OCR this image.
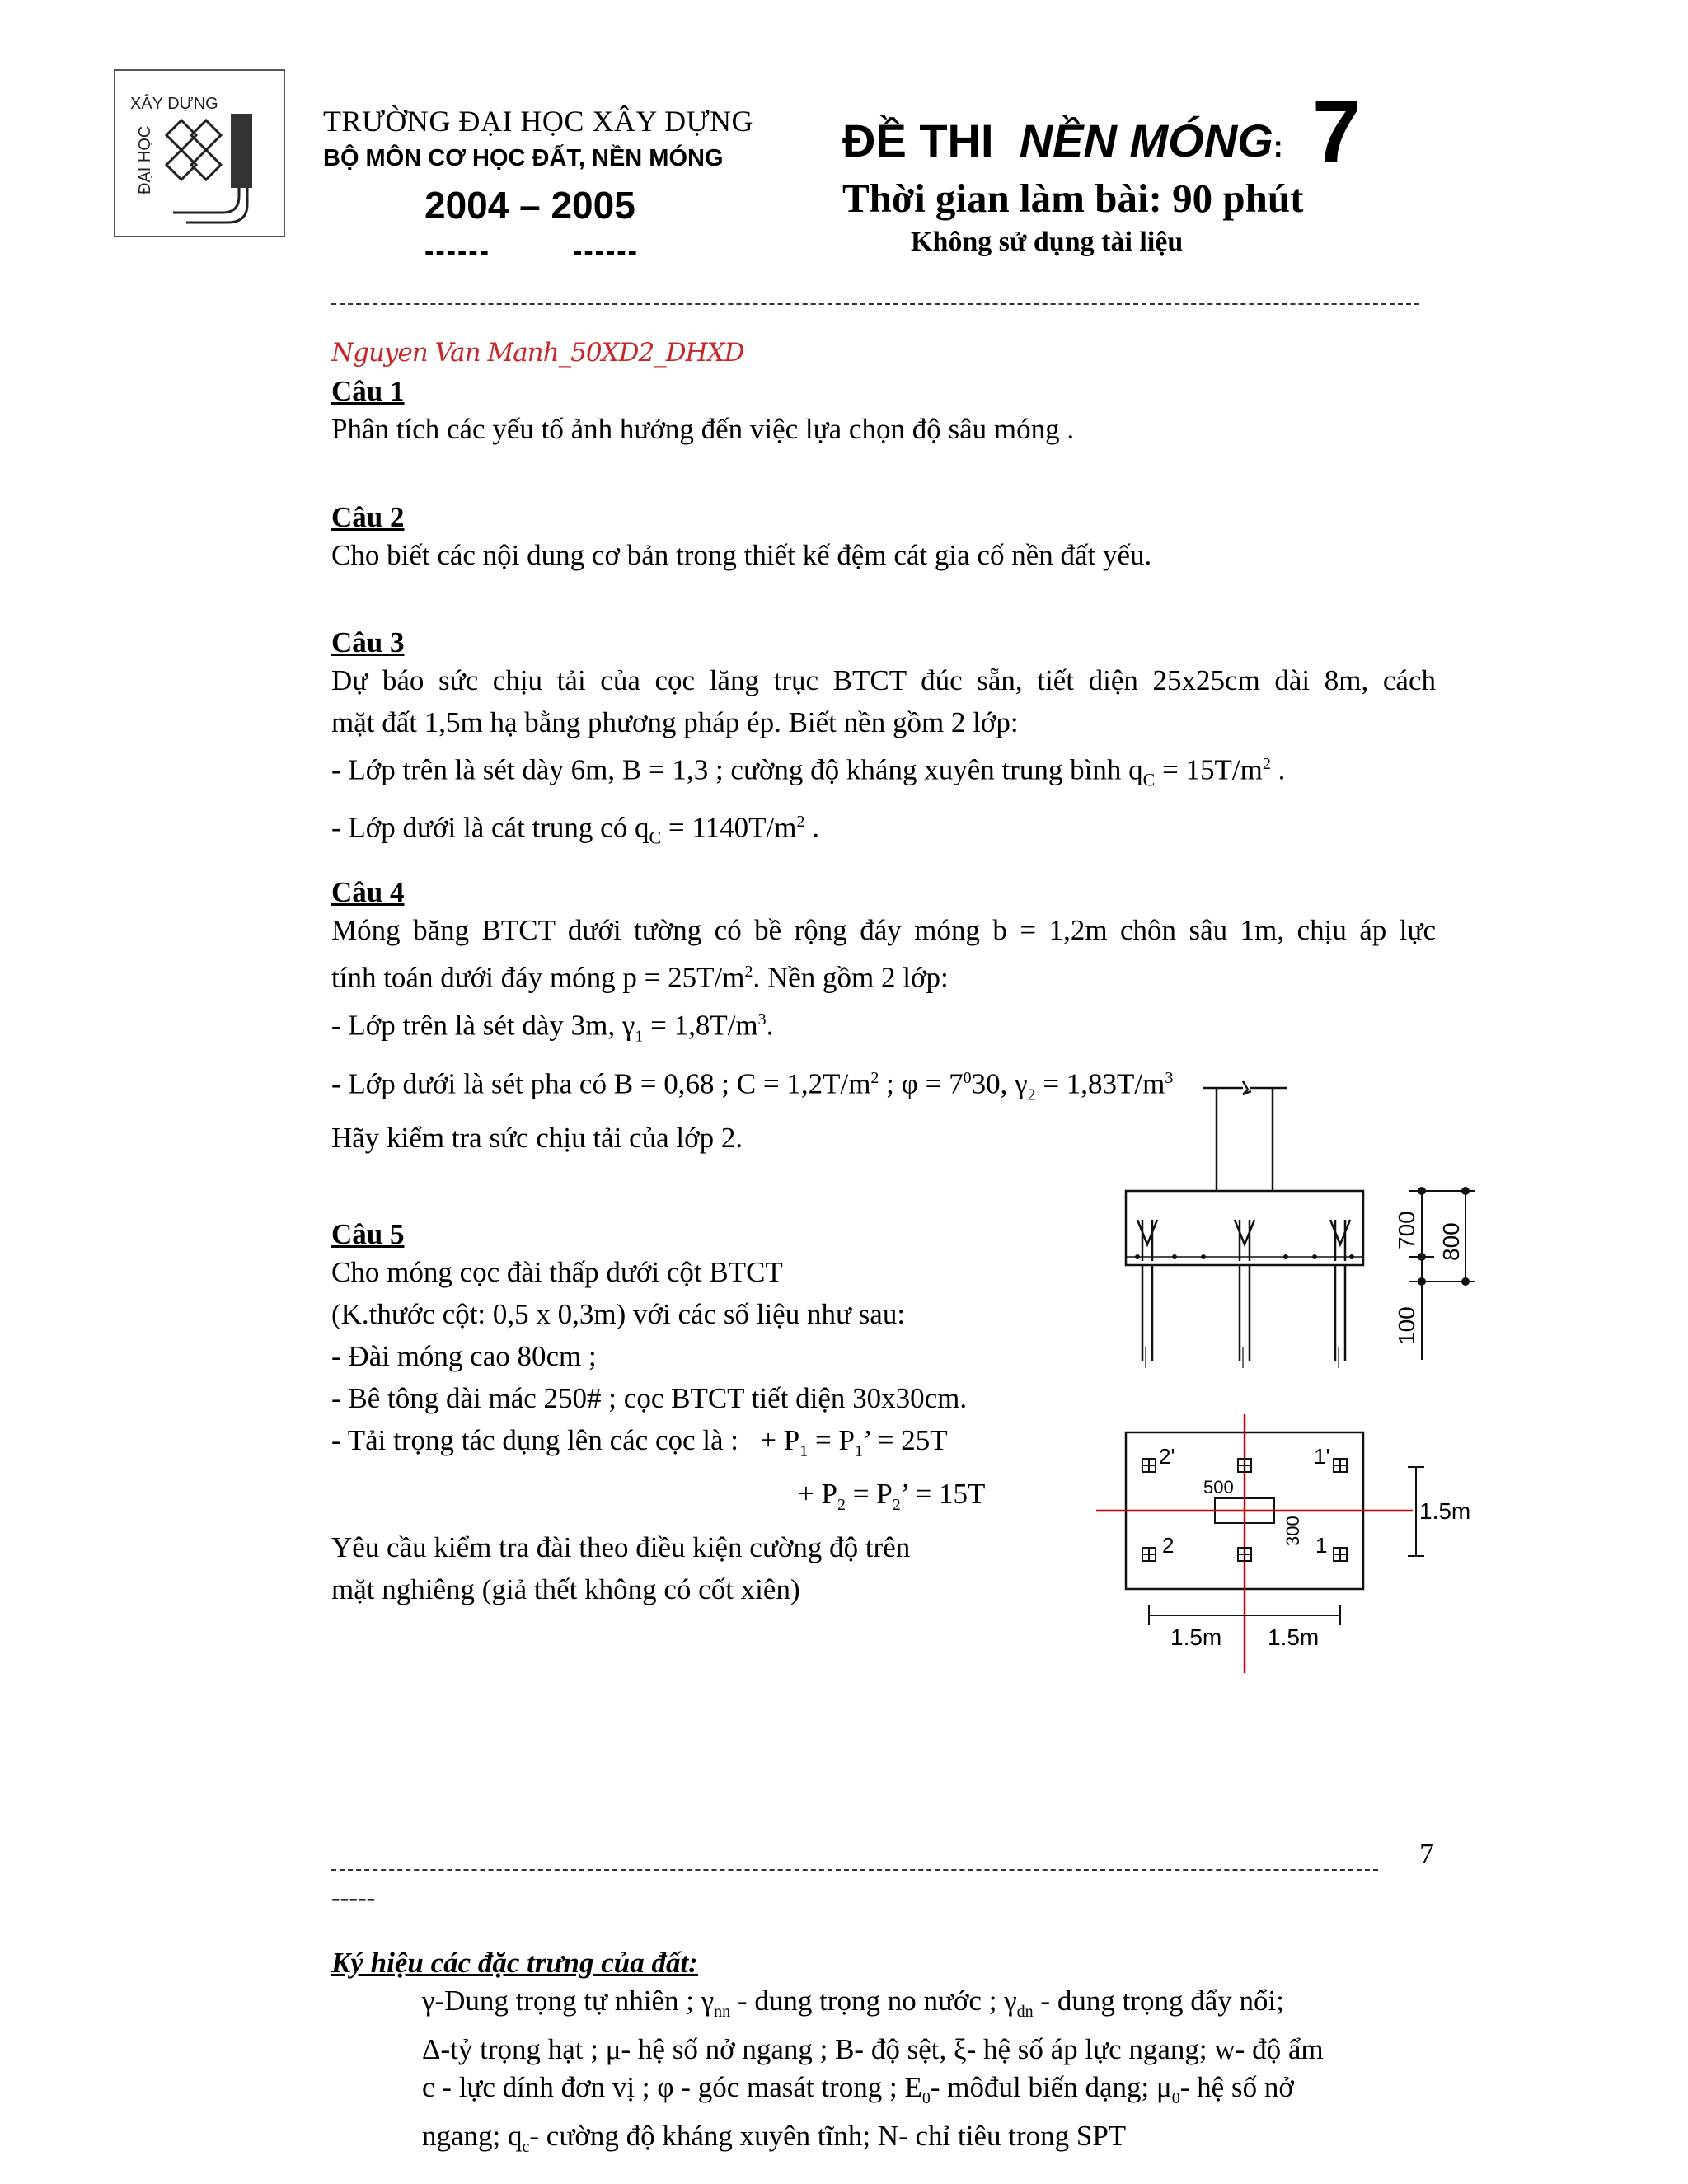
XÂY DỰNG
ĐẠI HỌC
TRƯỜNG ĐẠI HỌC XÂY DỰNG
BỘ MÔN CƠ HỌC ĐẤT, NỀN MÓNG
2004 – 2005
------	------
ĐỀ THI NỀN MÓNG: 7
Thời gian làm bài: 90 phút
Không sử dụng tài liệu
Nguyen Van Manh_50XD2_DHXD
Câu 1
Phân tích các yếu tố ảnh hưởng đến việc lựa chọn độ sâu móng .
Câu 2
Cho biết các nội dung cơ bản trong thiết kế đệm cát gia cố nền đất yếu.
Câu 3
Dự báo sức chịu tải của cọc lăng trục BTCT đúc sẵn, tiết diện 25x25cm dài 8m, cách
mặt đất 1,5m hạ bằng phương pháp ép. Biết nền gồm 2 lớp:
- Lớp trên là sét dày 6m, B = 1,3 ; cường độ kháng xuyên trung bình $q_C = 15T/m^2$ .
- Lớp dưới là cát trung có $q_C = 1140T/m^2$ .
Câu 4
Móng băng BTCT dưới tường có bề rộng đáy móng b = 1,2m chôn sâu 1m, chịu áp lực
tính toán dưới đáy móng $p = 25T/m^2$. Nền gồm 2 lớp:
- Lớp trên là sét dày 3m, $\gamma_1 = 1,8T/m^3$.
- Lớp dưới là sét pha có B = 0,68 ; $C = 1,2T/m^2$ ; $\varphi = 7^030$, $\gamma_2 = 1,83T/m^3$
Hãy kiểm tra sức chịu tải của lớp 2.
Câu 5
Cho móng cọc đài thấp dưới cột BTCT
(K.thước cột: 0,5 x 0,3m) với các số liệu như sau:
- Đài móng cao 80cm ;
- Bê tông dài mác 250# ; cọc BTCT tiết diện 30x30cm.
- Tải trọng tác dụng lên các cọc là : + $P_1 = P_1$’ = 25T
+ $P_2 = P_2$’ = 15T
Yêu cầu kiểm tra đài theo điều kiện cường độ trên
mặt nghiêng (giả thết không có cốt xiên)
700 800
100
2'	1'
2	1
500
300
1.5m
1.5m 1.5m
7
-----
Ký hiệu các đặc trưng của đất:
γ-Dung trọng tự nhiên ; $\gamma_{nn}$ - dung trọng no nước ; $\gamma_{dn}$ - dung trọng đẩy nổi;
Δ-tỷ trọng hạt ; μ- hệ số nở ngang ; B- độ sệt, ξ- hệ số áp lực ngang; w- độ ẩm
c - lực dính đơn vị ; φ - góc masát trong ; $E_0-$ môđul biến dạng; $\mu_0-$ hệ số nở
ngang; $q_c-$ cường độ kháng xuyên tĩnh; N- chỉ tiêu trong SPT
